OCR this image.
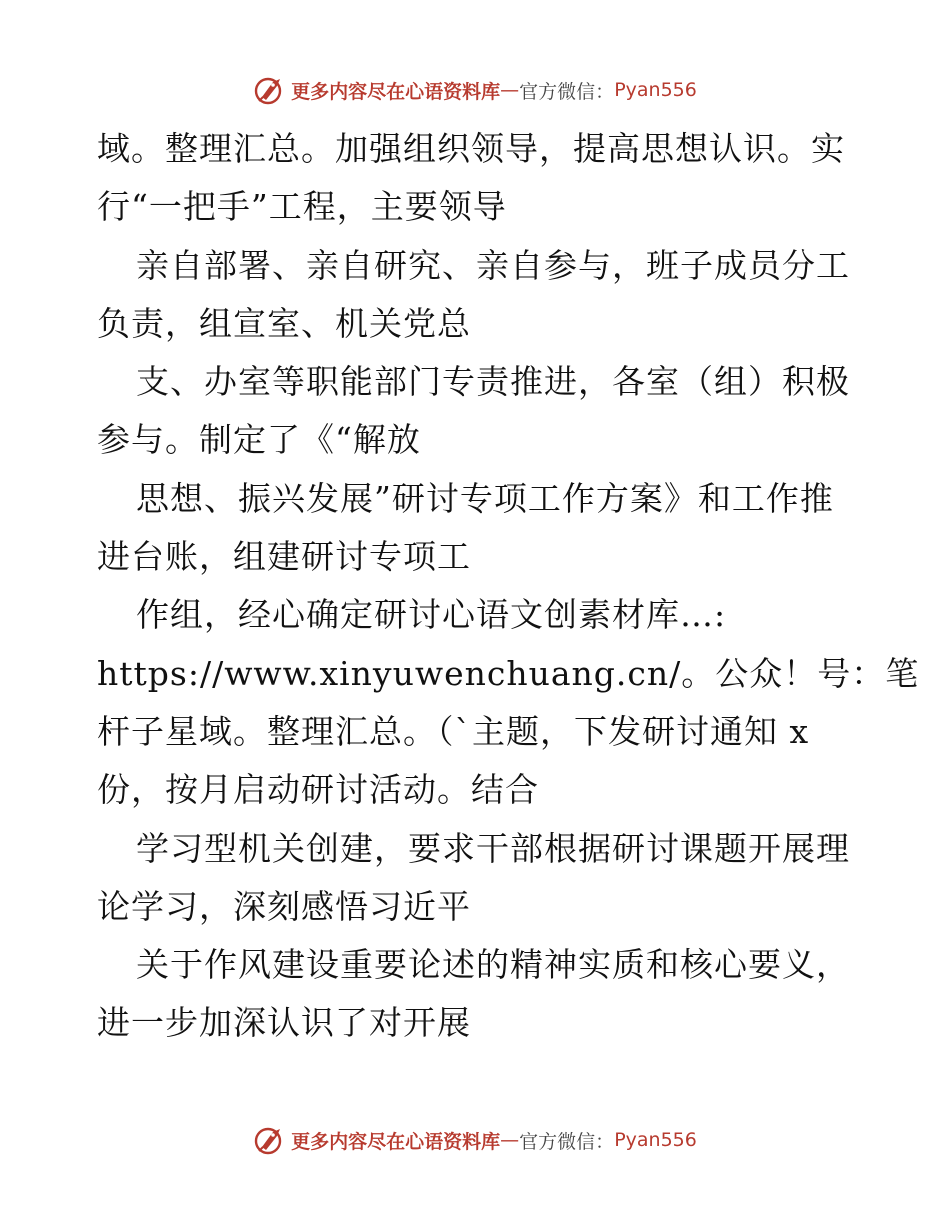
更多内容尽在心语资料库 — 官方微信： Pyan556
域。整理汇总。加强组织领导，提高思想认识。实
行“一把手”工程，主要领导
亲自部署、亲自研究、亲自参与，班子成员分工
负责，组宣室、机关党总
支、办室等职能部门专责推进，各室（组）积极
参与。制定了《“解放
思想、振兴发展”研讨专项工作方案》和工作推
进台账，组建研讨专项工
作组，经心确定研讨心语文创素材库…:
https://www.xinyuwenchuang.cn/。公众！号：笔
杆子星域。整理汇总。（`主题，下发研讨通知 x
份，按月启动研讨活动。结合
学习型机关创建，要求干部根据研讨课题开展理
论学习，深刻感悟习近平
关于作风建设重要论述的精神实质和核心要义，
进一步加深认识了对开展
更多内容尽在心语资料库 — 官方微信： Pyan556
